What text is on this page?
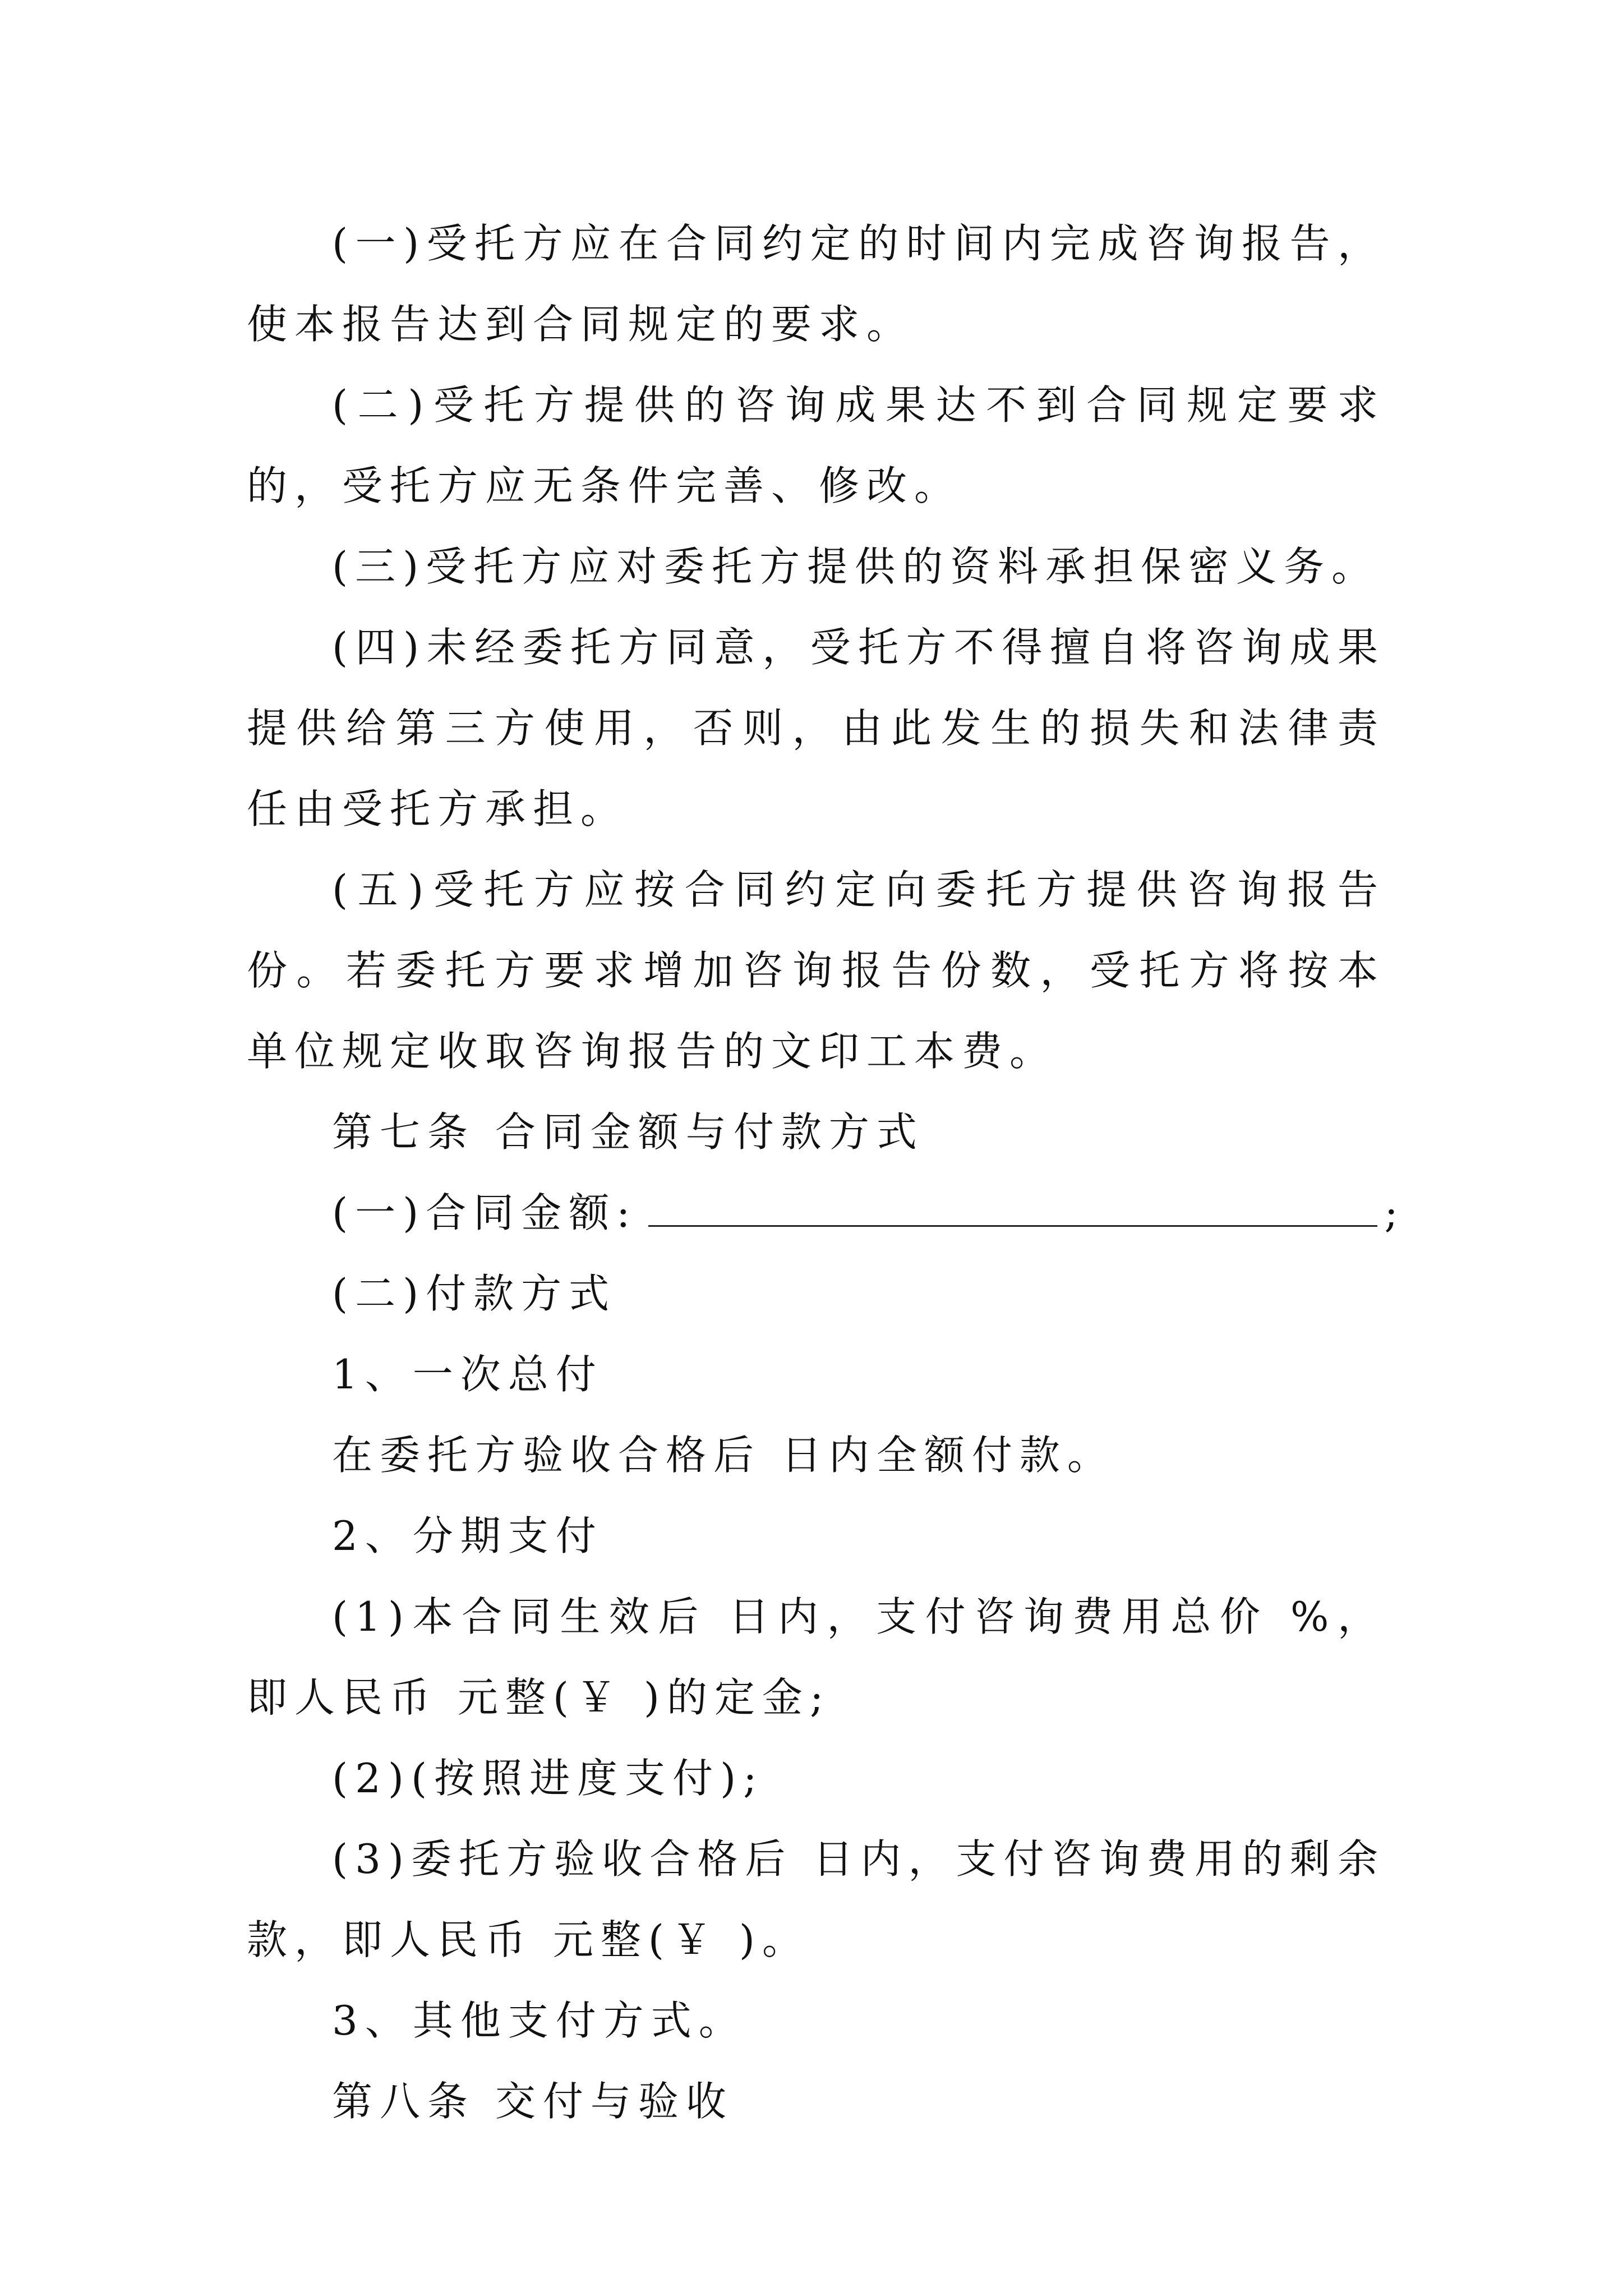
(一)受托方应在合同约定的时间内完成咨询报告，使本报告达到合同规定的要求。

(二)受托方提供的咨询成果达不到合同规定要求的，受托方应无条件完善、修改。

(三)受托方应对委托方提供的资料承担保密义务。

(四)未经委托方同意，受托方不得擅自将咨询成果提供给第三方使用，否则，由此发生的损失和法律责任由受托方承担。

(五)受托方应按合同约定向委托方提供咨询报告 份。若委托方要求增加咨询报告份数，受托方将按本单位规定收取咨询报告的文印工本费。

第七条 合同金额与付款方式

(一)合同金额:	;

(二)付款方式

1、一次总付

在委托方验收合格后 日内全额付款。

2、分期支付

(1)本合同生效后 日内，支付咨询费用总价 %，即人民币 元整(￥ )的定金;

(2)(按照进度支付);

(3)委托方验收合格后 日内，支付咨询费用的剩余款，即人民币 元整(￥ )。

3、其他支付方式。

第八条 交付与验收
